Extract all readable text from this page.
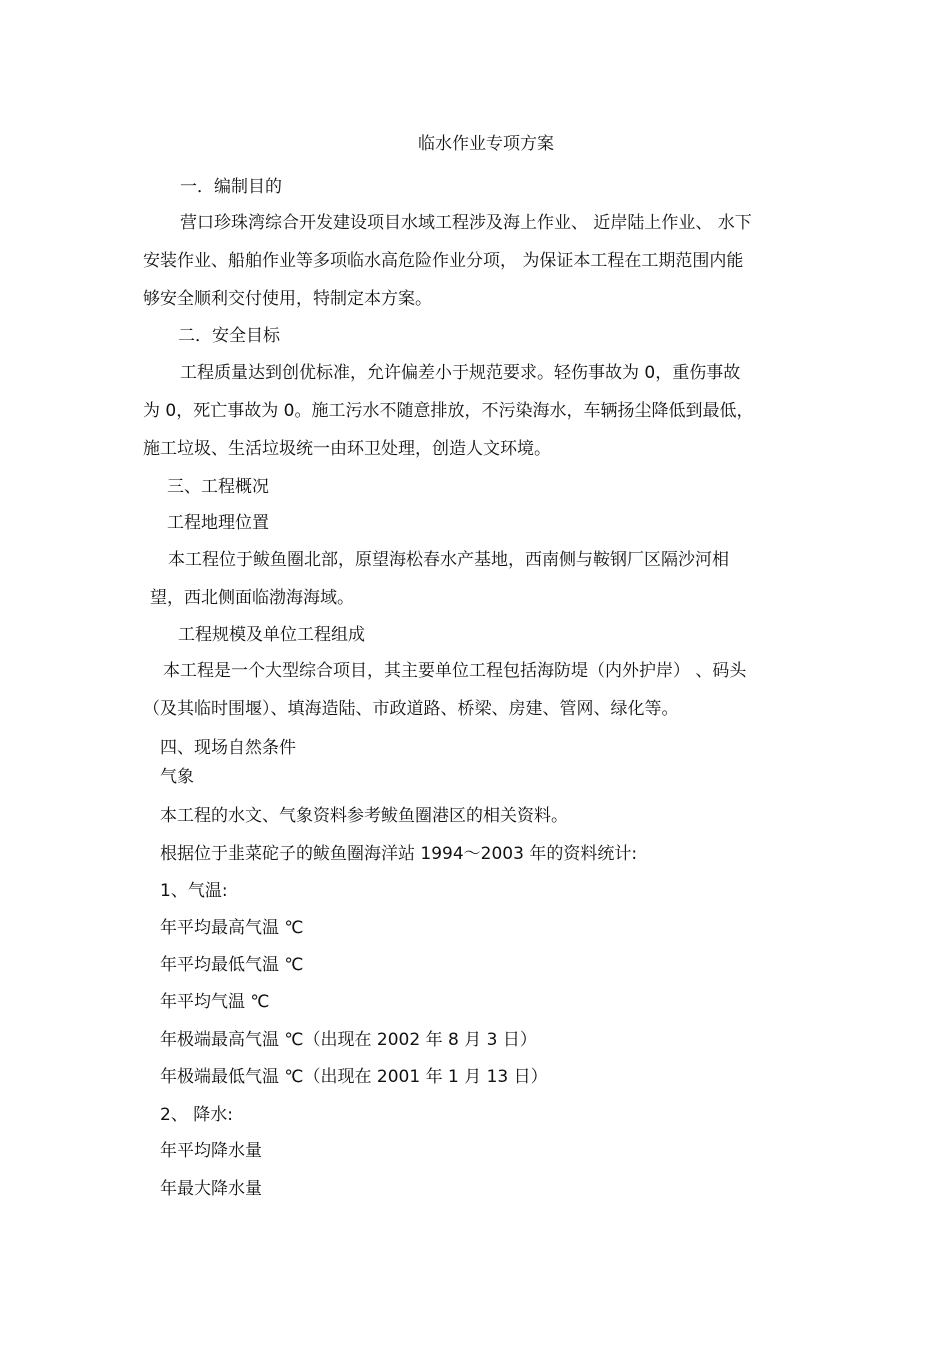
临水作业专项方案
一．编制目的
营口珍珠湾综合开发建设项目水域工程涉及海上作业、 近岸陆上作业、 水下
安装作业、船舶作业等多项临水高危险作业分项， 为保证本工程在工期范围内能
够安全顺利交付使用，特制定本方案。
二．安全目标
工程质量达到创优标准，允许偏差小于规范要求。轻伤事故为 0，重伤事故
为 0，死亡事故为 0。施工污水不随意排放，不污染海水，车辆扬尘降低到最低，
施工垃圾、生活垃圾统一由环卫处理，创造人文环境。
三、工程概况
工程地理位置
本工程位于鲅鱼圈北部，原望海松春水产基地，西南侧与鞍钢厂区隔沙河相
望，西北侧面临渤海海域。
工程规模及单位工程组成
本工程是一个大型综合项目，其主要单位工程包括海防堤（内外护岸） 、码头
（及其临时围堰）、填海造陆、市政道路、桥梁、房建、管网、绿化等。
四、现场自然条件
气象
本工程的水文、气象资料参考鲅鱼圈港区的相关资料。
根据位于韭菜砣子的鲅鱼圈海洋站 1994～2003 年的资料统计:
1、气温:
年平均最高气温 ℃
年平均最低气温 ℃
年平均气温 ℃
年极端最高气温 ℃（出现在 2002 年 8 月 3 日）
年极端最低气温 ℃（出现在 2001 年 1 月 13 日）
2、 降水:
年平均降水量
年最大降水量
